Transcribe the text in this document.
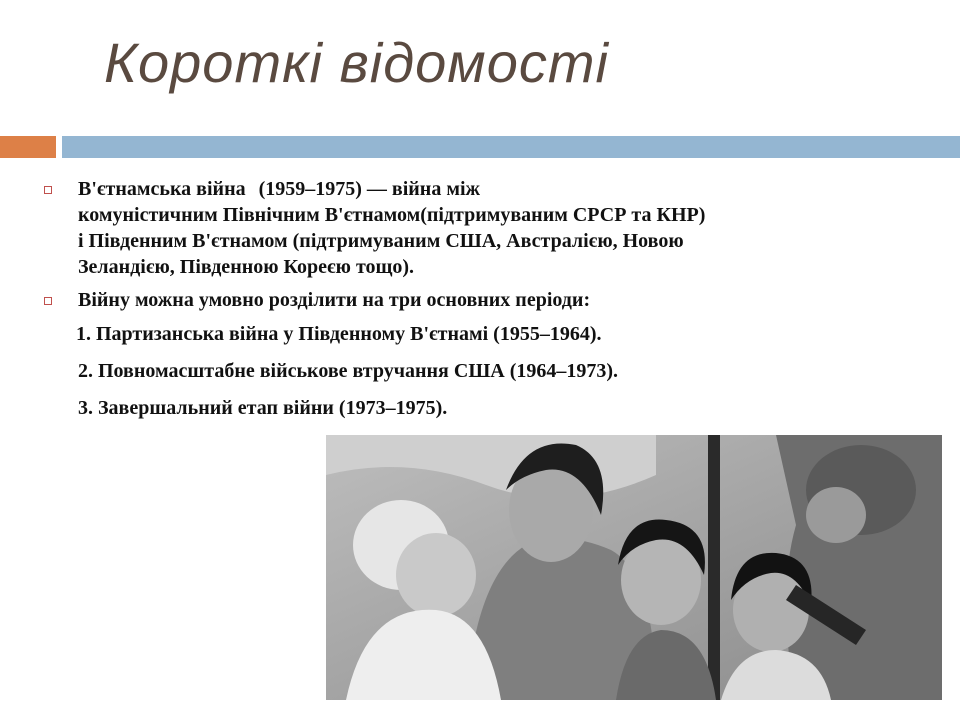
Короткі відомості
В'єтнамська війна (1959–1975) — війна між
комуністичним Північним В'єтнамом(підтримуваним СРСР та КНР)
і Південним В'єтнамом (підтримуваним США, Австралією, Новою
Зеландією, Південною Кореєю тощо).
Війну можна умовно розділити на три основних періоди:
1. Партизанська війна у Південному В'єтнамі (1955–1964).
2. Повномасштабне військове втручання США (1964–1973).
3. Завершальний етап війни (1973–1975).
